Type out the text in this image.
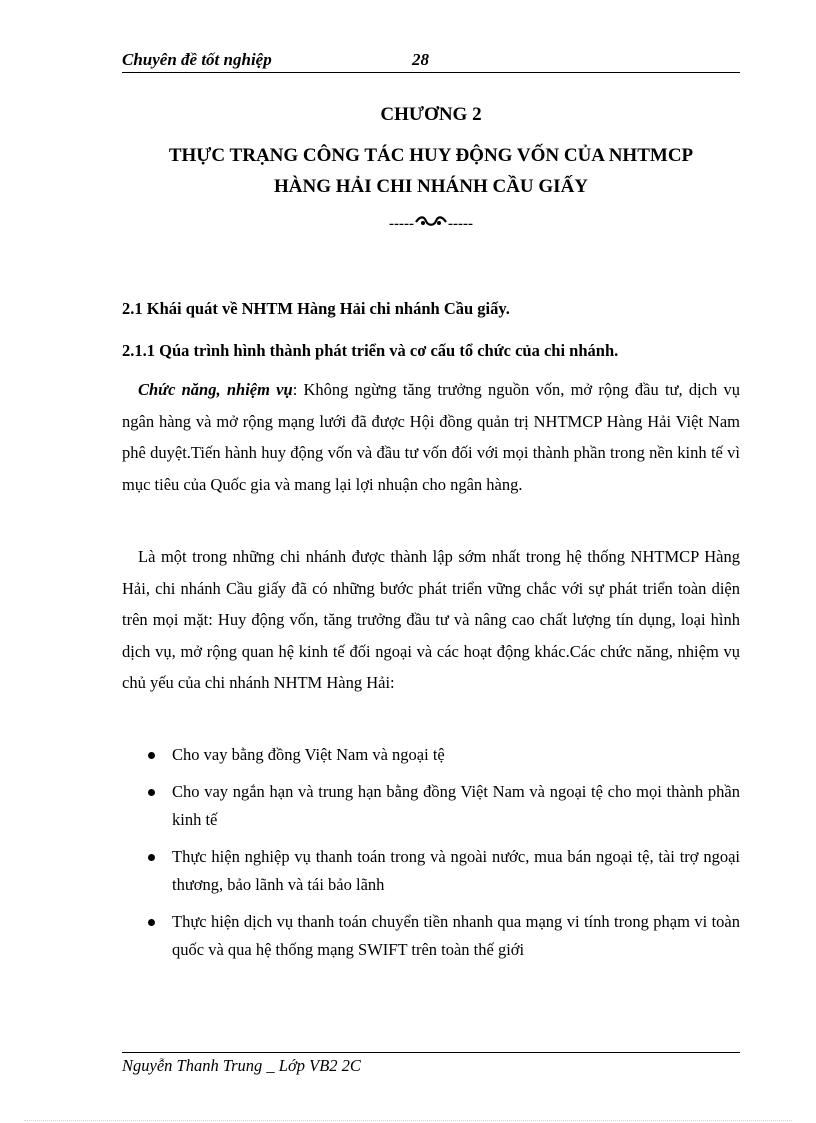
Chuyên đề tốt nghiệp	28
CHƯƠNG 2
THỰC TRẠNG CÔNG TÁC HUY ĐỘNG VỐN CỦA NHTMCP
HÀNG HẢI CHI NHÁNH CẦU GIẤY
----- -----
2.1 Khái quát về NHTM Hàng Hải chi nhánh Cầu giấy.
2.1.1 Qúa trình hình thành phát triển và cơ cấu tổ chức của chi nhánh.
Chức năng, nhiệm vụ: Không ngừng tăng trưởng nguồn vốn, mở rộng đầu tư, dịch vụ ngân hàng và mở rộng mạng lưới đã được Hội đồng quản trị NHTMCP Hàng Hải Việt Nam phê duyệt.Tiến hành huy động vốn và đầu tư vốn đối với mọi thành phần trong nền kinh tế vì mục tiêu của Quốc gia và mang lại lợi nhuận cho ngân hàng.
Là một trong những chi nhánh được thành lập sớm nhất trong hệ thống NHTMCP Hàng Hải, chi nhánh Cầu giấy đã có những bước phát triển vững chắc với sự phát triển toàn diện trên mọi mặt: Huy động vốn, tăng trưởng đầu tư và nâng cao chất lượng tín dụng, loại hình dịch vụ, mở rộng quan hệ kinh tế đối ngoại và các hoạt động khác.Các chức năng, nhiệm vụ chủ yếu của chi nhánh NHTM Hàng Hải:
Cho vay bằng đồng Việt Nam và ngoại tệ
Cho vay ngắn hạn và trung hạn bằng đồng Việt Nam và ngoại tệ cho mọi thành phần kinh tế
Thực hiện nghiệp vụ thanh toán trong và ngoài nước, mua bán ngoại tệ, tài trợ ngoại thương, bảo lãnh và tái bảo lãnh
Thực hiện dịch vụ thanh toán chuyển tiền nhanh qua mạng vi tính trong phạm vi toàn quốc và qua hệ thống mạng SWIFT trên toàn thế giới
Nguyễn Thanh Trung _ Lớp VB2 2C
